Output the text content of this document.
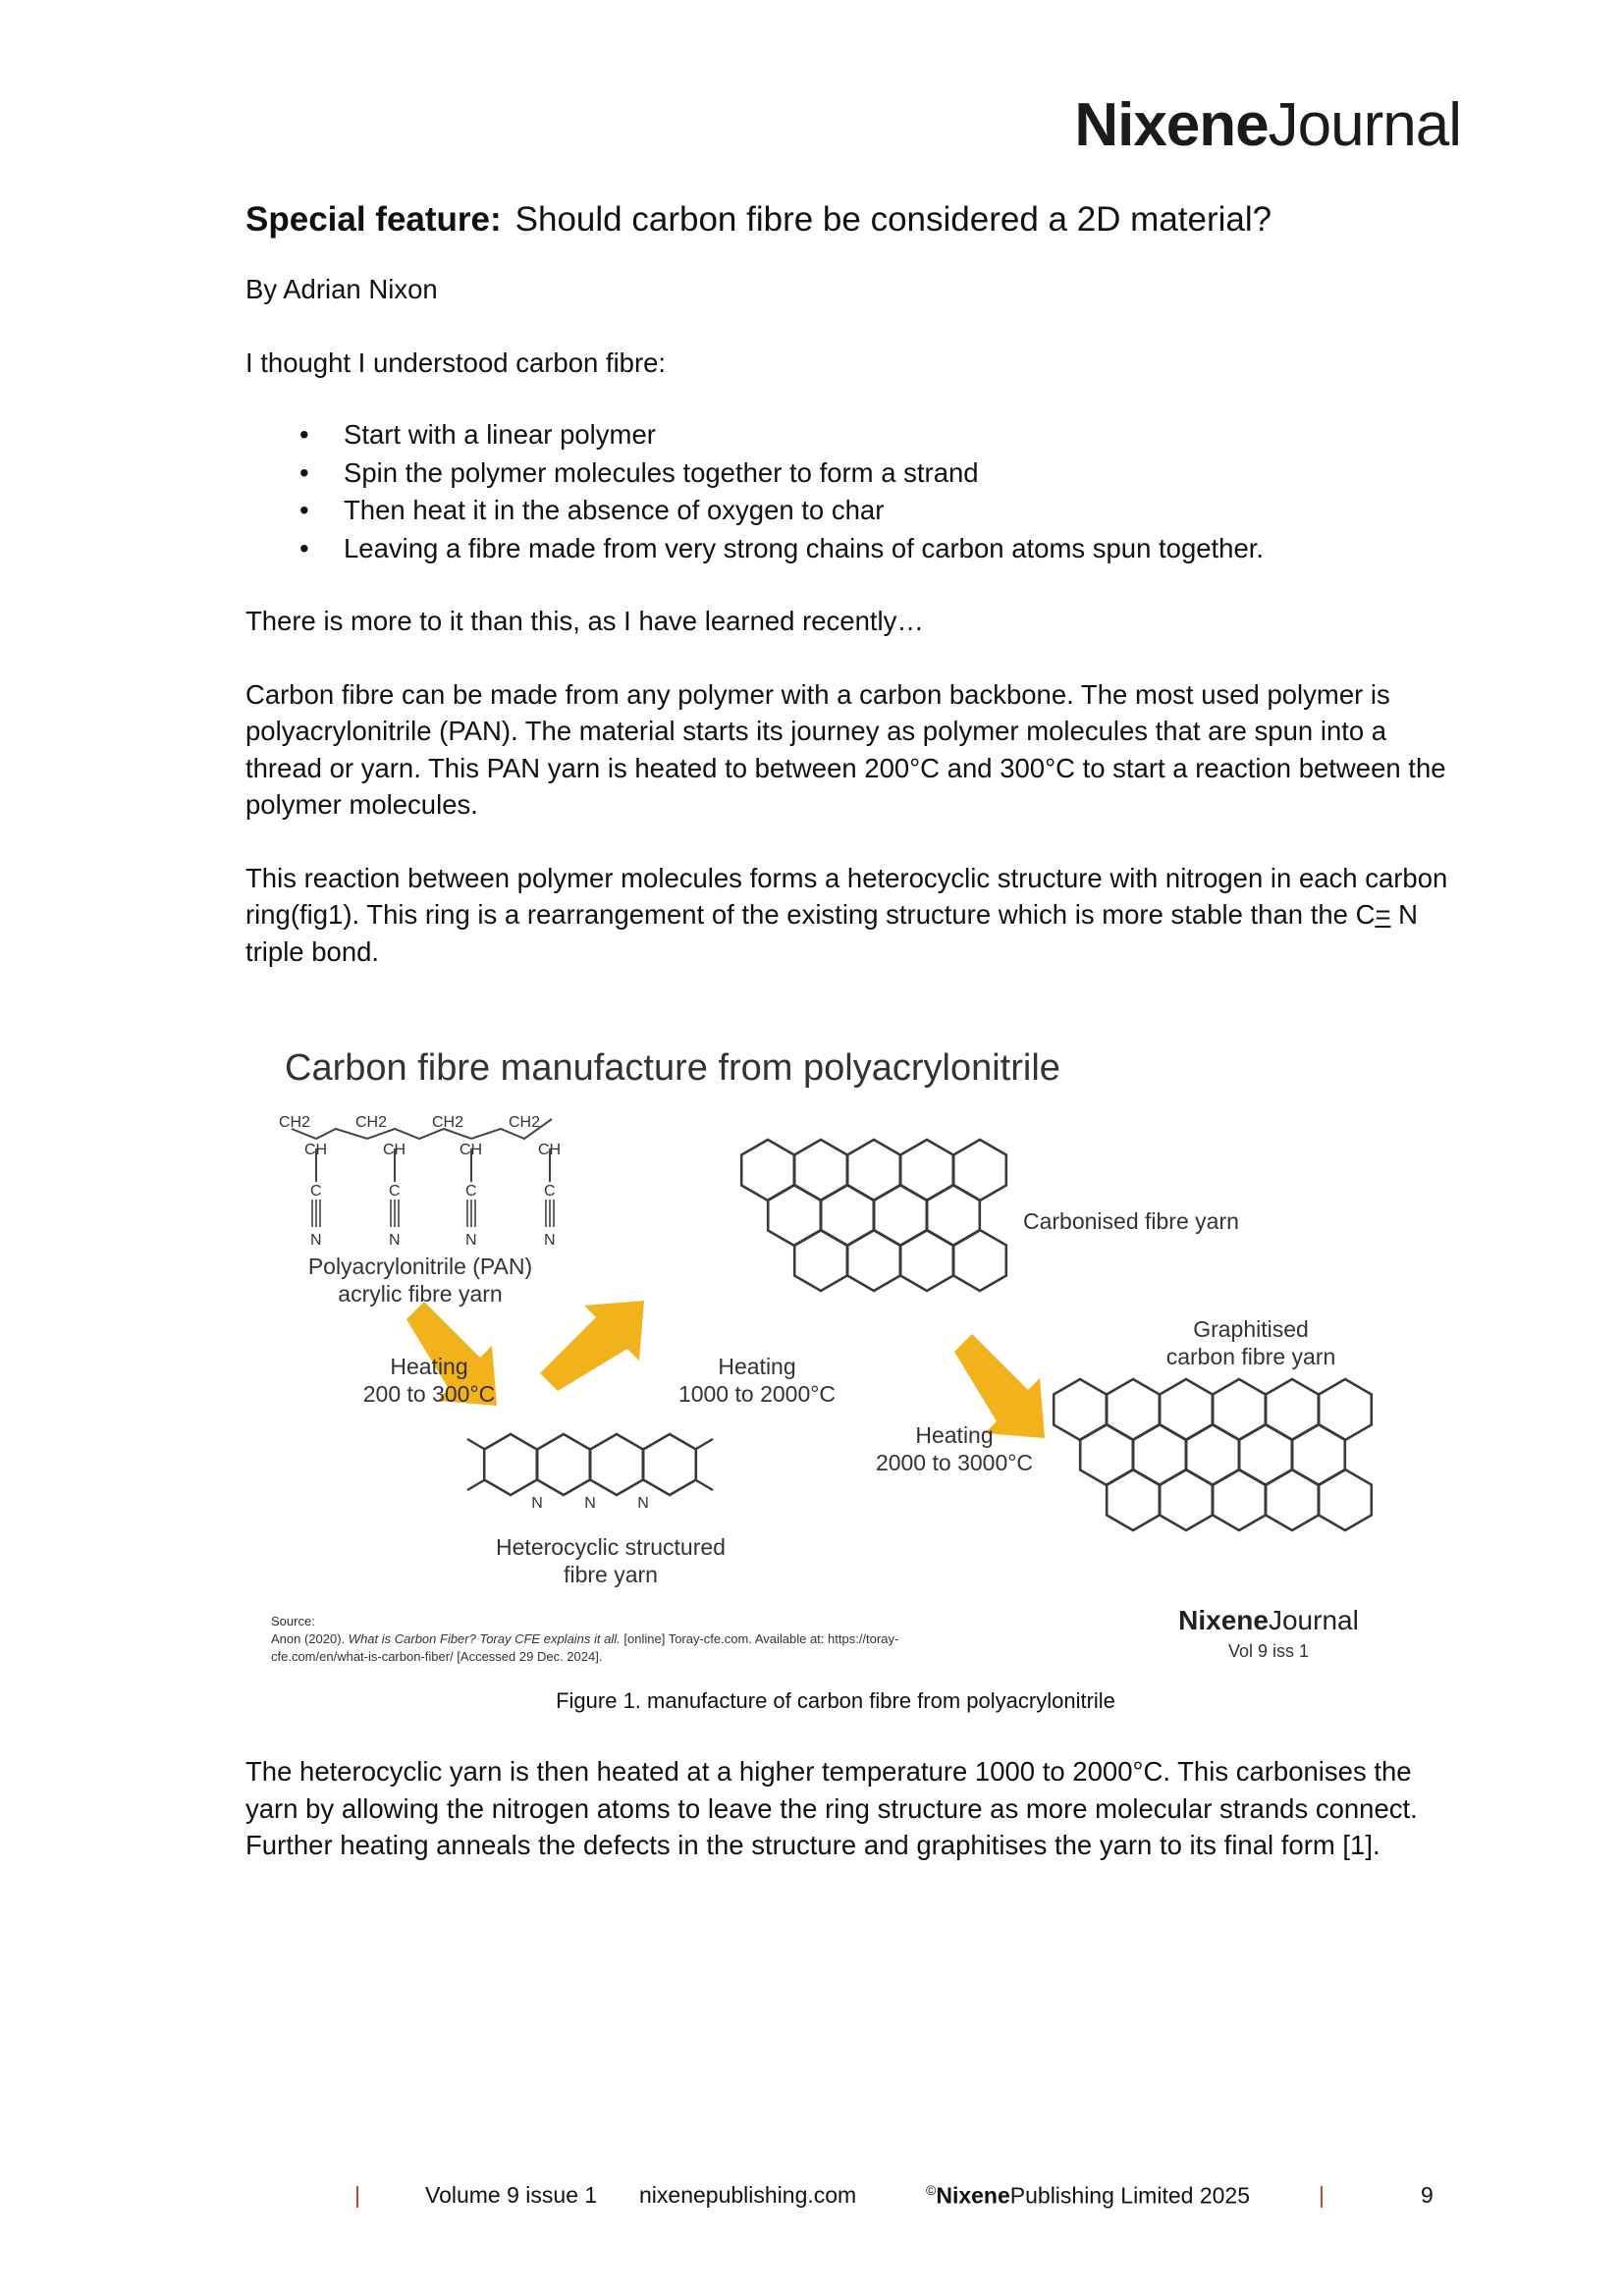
NixeneJournal
Special feature: Should carbon fibre be considered a 2D material?

By Adrian Nixon

I thought I understood carbon fibre:

• Start with a linear polymer
• Spin the polymer molecules together to form a strand
• Then heat it in the absence of oxygen to char
• Leaving a fibre made from very strong chains of carbon atoms spun together.

There is more to it than this, as I have learned recently…

Carbon fibre can be made from any polymer with a carbon backbone. The most used polymer is polyacrylonitrile (PAN). The material starts its journey as polymer molecules that are spun into a thread or yarn. This PAN yarn is heated to between 200°C and 300°C to start a reaction between the polymer molecules.

This reaction between polymer molecules forms a heterocyclic structure with nitrogen in each carbon ring(fig1). This ring is a rearrangement of the existing structure which is more stable than the C= N triple bond.

Carbon fibre manufacture from polyacrylonitrile
CH2	CH2	CH2	CH2
CH	CH	CH	CH
C	C	C	C
N	N	N	N
Polyacrylonitrile (PAN)
acrylic fibre yarn
Heating
200 to 300°C
Heating
1000 to 2000°C
Heating
2000 to 3000°C
N	N	N
Heterocyclic structured
fibre yarn
Carbonised fibre yarn
Graphitised
carbon fibre yarn
Source:
Anon (2020). What is Carbon Fiber? Toray CFE explains it all. [online] Toray-cfe.com. Available at: https://toray-
cfe.com/en/what-is-carbon-fiber/ [Accessed 29 Dec. 2024].
NixeneJournal
Vol 9 iss 1
Figure 1. manufacture of carbon fibre from polyacrylonitrile

The heterocyclic yarn is then heated at a higher temperature 1000 to 2000°C. This carbonises the yarn by allowing the nitrogen atoms to leave the ring structure as more molecular strands connect. Further heating anneals the defects in the structure and graphitises the yarn to its final form [1].

|	Volume 9 issue 1 nixenepublishing.com	©NixenePublishing Limited 2025	|	9
